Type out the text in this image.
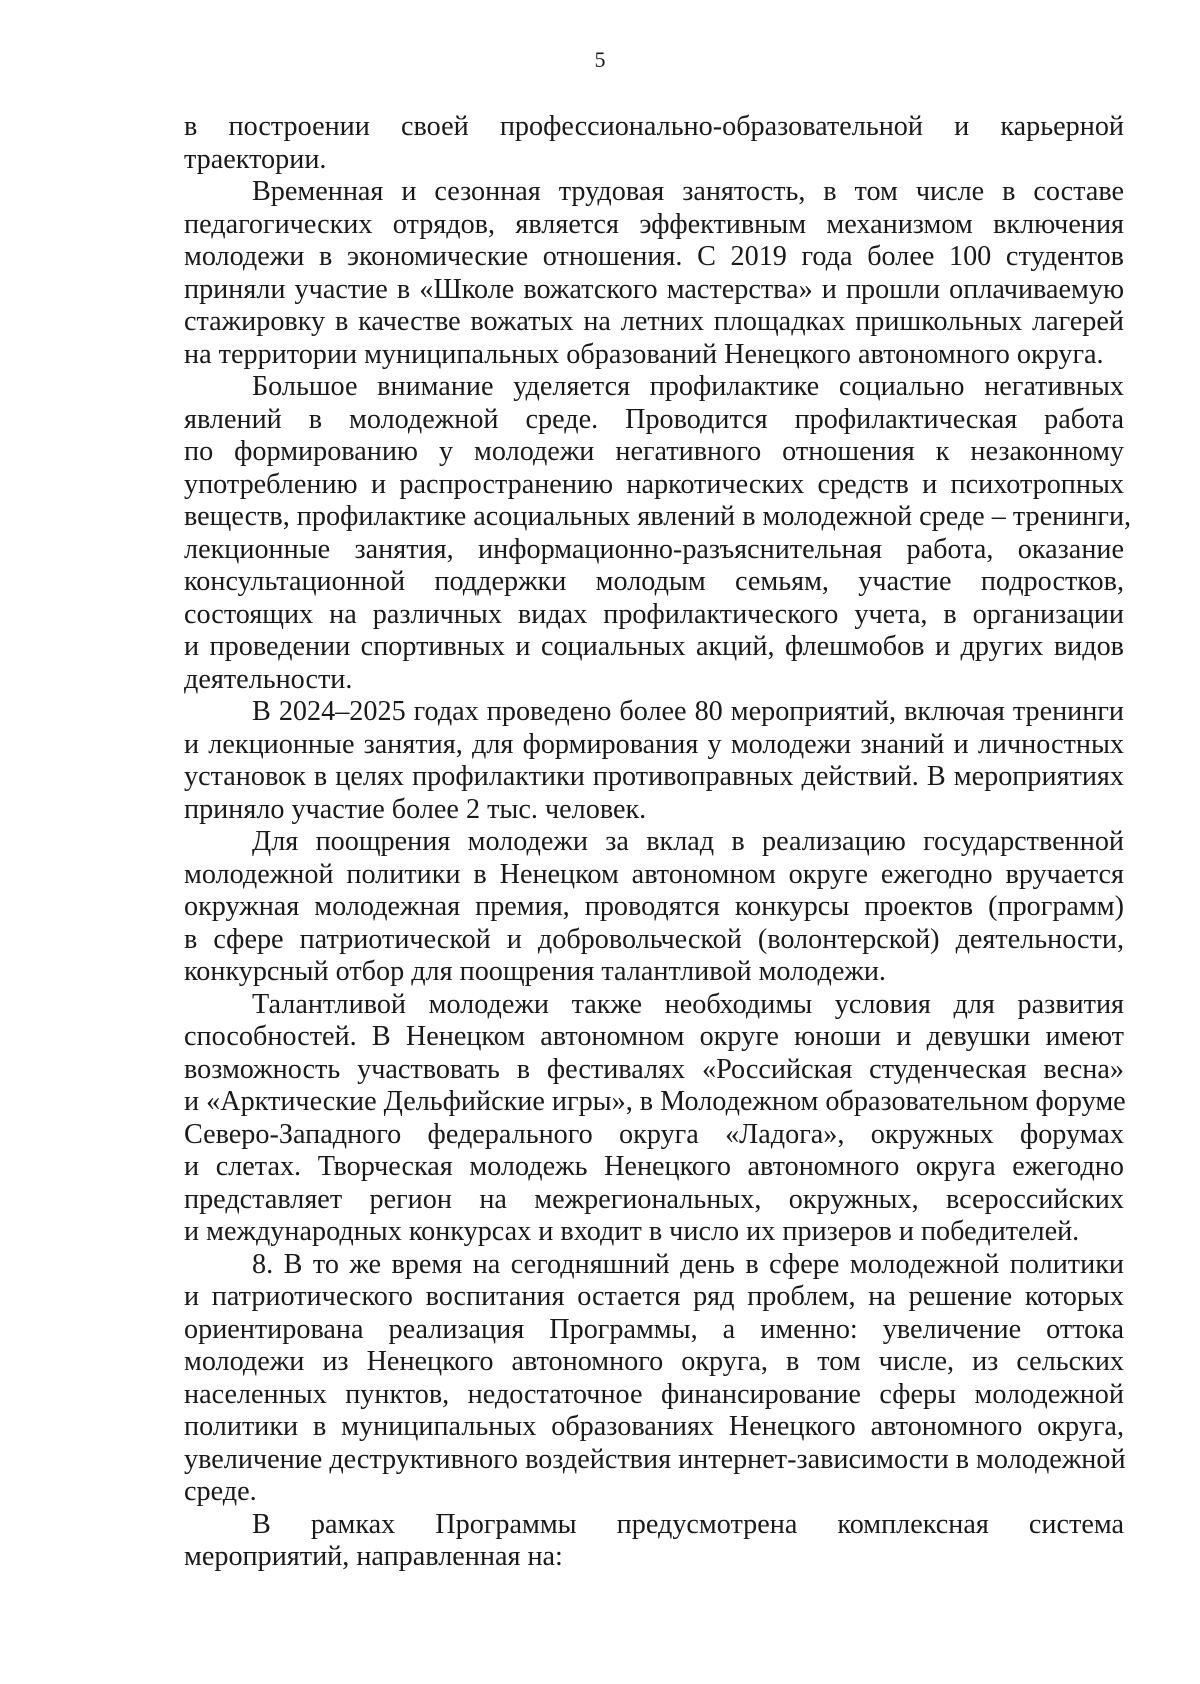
5
в построении своей профессионально-образовательной и карьерной
траектории.
Временная и сезонная трудовая занятость, в том числе в составе
педагогических отрядов, является эффективным механизмом включения
молодежи в экономические отношения. С 2019 года более 100 студентов
приняли участие в «Школе вожатского мастерства» и прошли оплачиваемую
стажировку в качестве вожатых на летних площадках пришкольных лагерей
на территории муниципальных образований Ненецкого автономного округа.
Большое внимание уделяется профилактике социально негативных
явлений в молодежной среде. Проводится профилактическая работа
по формированию у молодежи негативного отношения к незаконному
употреблению и распространению наркотических средств и психотропных
веществ, профилактике асоциальных явлений в молодежной среде – тренинги,
лекционные занятия, информационно-разъяснительная работа, оказание
консультационной поддержки молодым семьям, участие подростков,
состоящих на различных видах профилактического учета, в организации
и проведении спортивных и социальных акций, флешмобов и других видов
деятельности.
В 2024–2025 годах проведено более 80 мероприятий, включая тренинги
и лекционные занятия, для формирования у молодежи знаний и личностных
установок в целях профилактики противоправных действий. В мероприятиях
приняло участие более 2 тыс. человек.
Для поощрения молодежи за вклад в реализацию государственной
молодежной политики в Ненецком автономном округе ежегодно вручается
окружная молодежная премия, проводятся конкурсы проектов (программ)
в сфере патриотической и добровольческой (волонтерской) деятельности,
конкурсный отбор для поощрения талантливой молодежи.
Талантливой молодежи также необходимы условия для развития
способностей. В Ненецком автономном округе юноши и девушки имеют
возможность участвовать в фестивалях «Российская студенческая весна»
и «Арктические Дельфийские игры», в Молодежном образовательном форуме
Северо-Западного федерального округа «Ладога», окружных форумах
и слетах. Творческая молодежь Ненецкого автономного округа ежегодно
представляет регион на межрегиональных, окружных, всероссийских
и международных конкурсах и входит в число их призеров и победителей.
8. В то же время на сегодняшний день в сфере молодежной политики
и патриотического воспитания остается ряд проблем, на решение которых
ориентирована реализация Программы, а именно: увеличение оттока
молодежи из Ненецкого автономного округа, в том числе, из сельских
населенных пунктов, недостаточное финансирование сферы молодежной
политики в муниципальных образованиях Ненецкого автономного округа,
увеличение деструктивного воздействия интернет-зависимости в молодежной
среде.
В рамках Программы предусмотрена комплексная система
мероприятий, направленная на:
